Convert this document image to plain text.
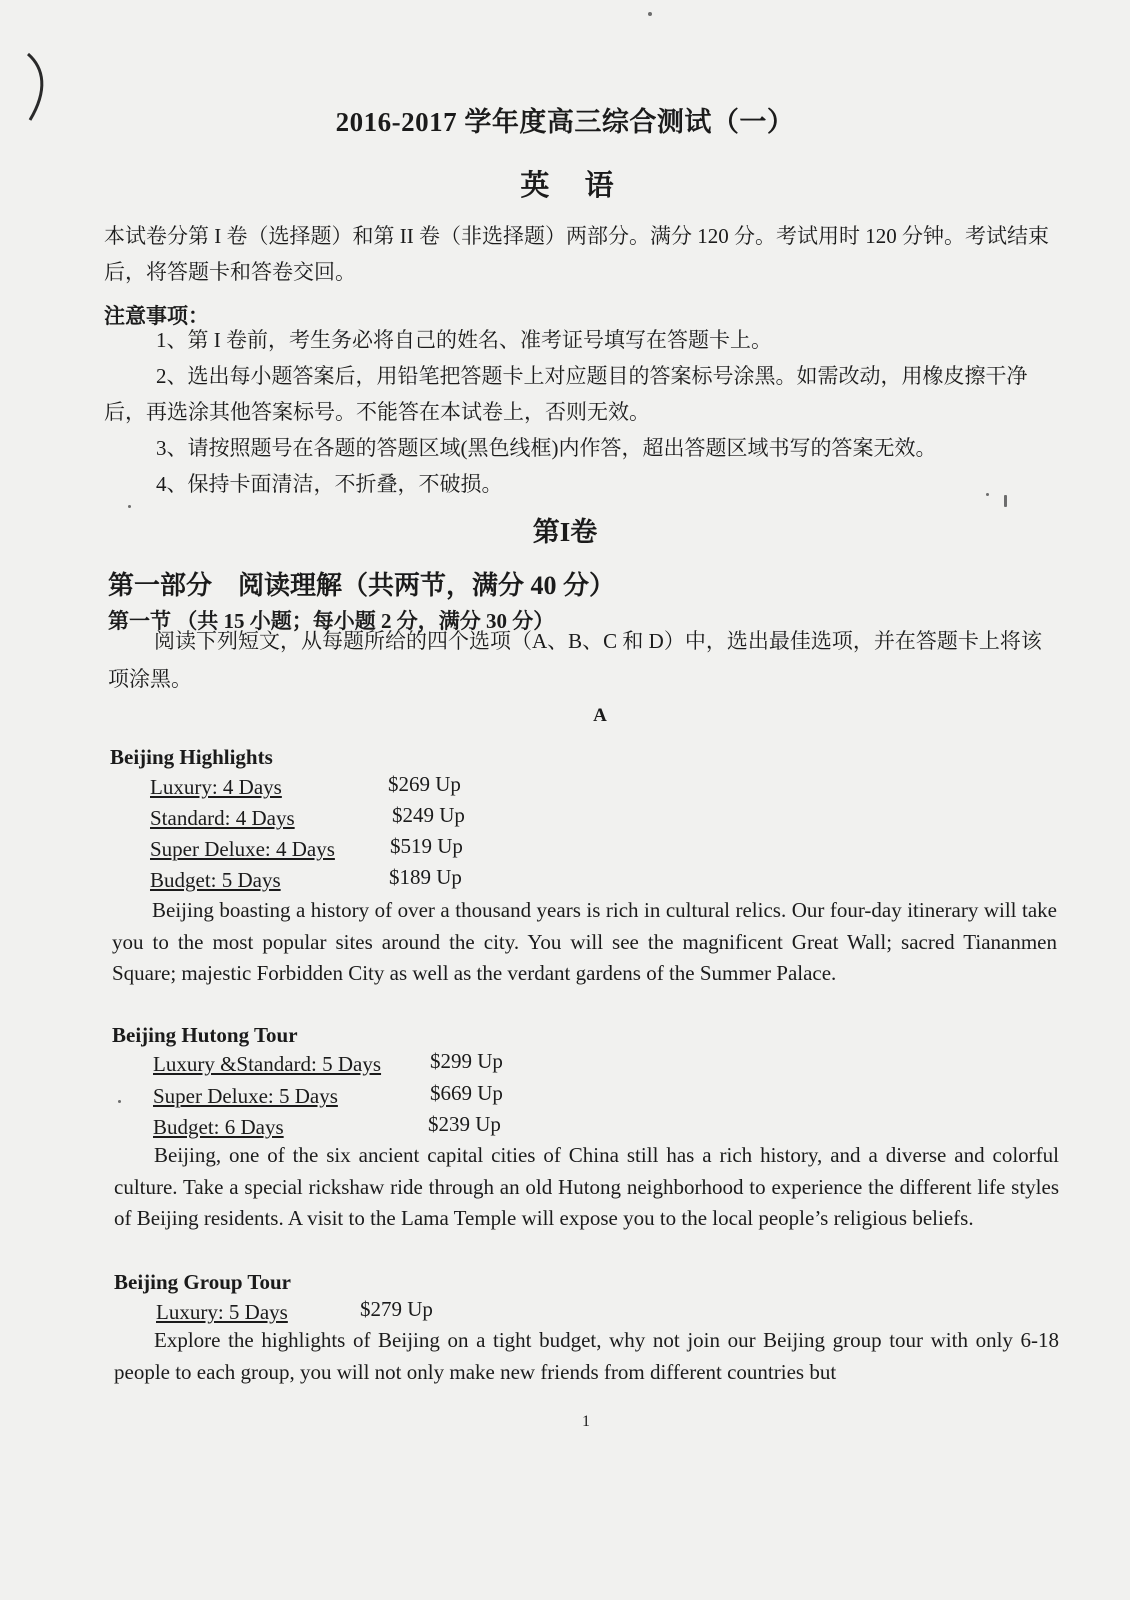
2016-2017 学年度高三综合测试（一）
英 语
本试卷分第 I 卷（选择题）和第 II 卷（非选择题）两部分。满分 120 分。考试用时 120 分钟。考试结束后，将答题卡和答卷交回。
注意事项：

1、第 I 卷前，考生务必将自己的姓名、准考证号填写在答题卡上。

2、选出每小题答案后，用铅笔把答题卡上对应题目的答案标号涂黑。如需改动，用橡皮擦干净后，再选涂其他答案标号。不能答在本试卷上，否则无效。

3、请按照题号在各题的答题区域(黑色线框)内作答，超出答题区域书写的答案无效。

4、保持卡面清洁，不折叠，不破损。

第I卷
第一部分 阅读理解（共两节，满分 40 分）
第一节 （共 15 小题；每小题 2 分，满分 30 分）
阅读下列短文，从每题所给的四个选项（A、B、C 和 D）中，选出最佳选项，并在答题卡上将该项涂黑。
A
Beijing Highlights
Luxury: 4 Days	$269 Up
Standard: 4 Days	$249 Up
Super Deluxe: 4 Days	$519 Up
Budget: 5 Days	$189 Up
Beijing boasting a history of over a thousand years is rich in cultural relics. Our four-day itinerary will take you to the most popular sites around the city. You will see the magnificent Great Wall; sacred Tiananmen Square; majestic Forbidden City as well as the verdant gardens of the Summer Palace.
Beijing Hutong Tour
Luxury &Standard: 5 Days $299 Up
Super Deluxe: 5 Days	$669 Up
Budget: 6 Days	$239 Up
Beijing, one of the six ancient capital cities of China still has a rich history, and a diverse and colorful culture. Take a special rickshaw ride through an old Hutong neighborhood to experience the different life styles of Beijing residents. A visit to the Lama Temple will expose you to the local people’s religious beliefs.
Beijing Group Tour
Luxury: 5 Days	$279 Up
Explore the highlights of Beijing on a tight budget, why not join our Beijing group tour with only 6-18 people to each group, you will not only make new friends from different countries but
1
